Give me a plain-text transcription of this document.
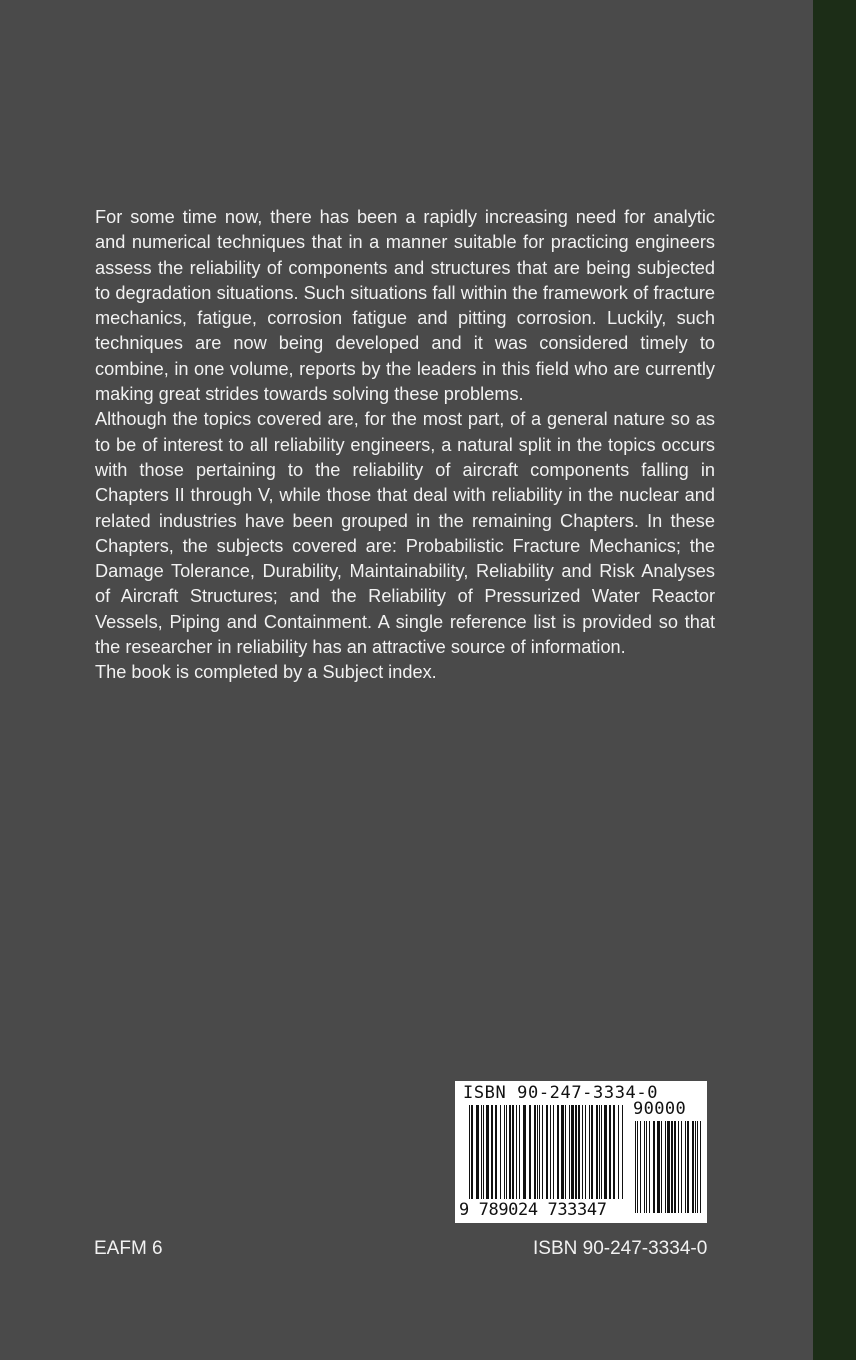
For some time now, there has been a rapidly increasing need for analytic and numerical techniques that in a manner suitable for practicing engineers assess the reliability of components and structures that are being subjected to degradation situations. Such situations fall within the framework of fracture mechanics, fatigue, corrosion fatigue and pitting corrosion. Luckily, such techniques are now being developed and it was considered timely to combine, in one volume, reports by the leaders in this field who are currently making great strides towards solving these problems.

Although the topics covered are, for the most part, of a general nature so as to be of interest to all reliability engineers, a natural split in the topics occurs with those pertaining to the reliability of aircraft components falling in Chapters II through V, while those that deal with reliability in the nuclear and related industries have been grouped in the remaining Chapters. In these Chapters, the subjects covered are: Probabilistic Fracture Mechanics; the Damage Tolerance, Durability, Maintainability, Reliability and Risk Analyses of Aircraft Structures; and the Reliability of Pressurized Water Reactor Vessels, Piping and Containment. A single reference list is provided so that the researcher in reliability has an attractive source of information.

The book is completed by a Subject index.

ISBN 90-247-3334-0
90000
9 789024 733347
EAFM 6	ISBN 90-247-3334-0
